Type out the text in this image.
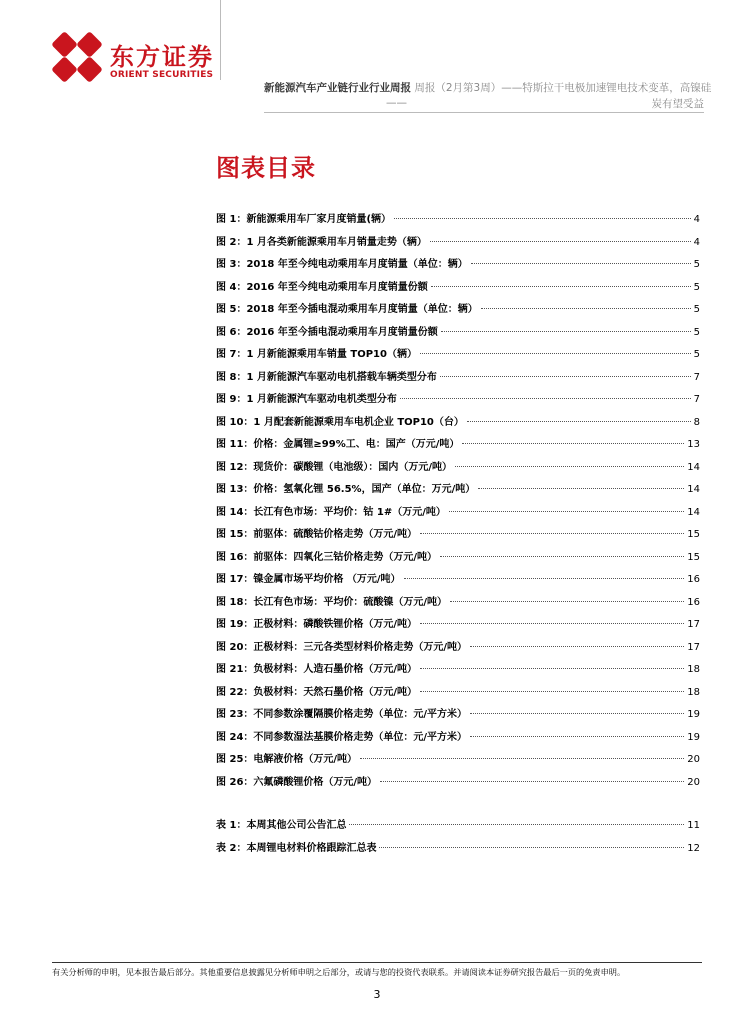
东方证券
ORIENT SECURITIES
新能源汽车产业链行业行业周报 周报（2月第3周）——特斯拉干电极加速锂电技术变革，高镍硅
——	炭有望受益
图表目录
图 1： 新能源乘用车厂家月度销量(辆）	4
图 2： 1 月各类新能源乘用车月销量走势（辆）	4
图 3： 2018 年至今纯电动乘用车月度销量（单位：辆）	5
图 4： 2016 年至今纯电动乘用车月度销量份额	5
图 5： 2018 年至今插电混动乘用车月度销量（单位：辆）	5
图 6： 2016 年至今插电混动乘用车月度销量份额	5
图 7： 1 月新能源乘用车销量 TOP10（辆）	5
图 8： 1 月新能源汽车驱动电机搭载车辆类型分布	7
图 9： 1 月新能源汽车驱动电机类型分布	7
图 10： 1 月配套新能源乘用车电机企业 TOP10（台）	8
图 11： 价格：金属锂≥99%工、电：国产（万元/吨）	13
图 12： 现货价：碳酸锂（电池级）：国内（万元/吨）	14
图 13： 价格：氢氧化锂 56.5%，国产（单位：万元/吨）	14
图 14： 长江有色市场：平均价：钴 1#（万元/吨）	14
图 15： 前驱体：硫酸钴价格走势（万元/吨）	15
图 16： 前驱体：四氧化三钴价格走势（万元/吨）	15
图 17： 镍金属市场平均价格 （万元/吨）	16
图 18： 长江有色市场：平均价：硫酸镍（万元/吨）	16
图 19： 正极材料：磷酸铁锂价格（万元/吨）	17
图 20： 正极材料：三元各类型材料价格走势（万元/吨）	17
图 21： 负极材料：人造石墨价格（万元/吨）	18
图 22： 负极材料：天然石墨价格（万元/吨）	18
图 23： 不同参数涂覆隔膜价格走势（单位：元/平方米）	19
图 24： 不同参数湿法基膜价格走势（单位：元/平方米）	19
图 25： 电解液价格（万元/吨）	20
图 26： 六氟磷酸锂价格（万元/吨）	20
表 1： 本周其他公司公告汇总	11
表 2： 本周锂电材料价格跟踪汇总表	12
有关分析师的申明，见本报告最后部分。其他重要信息披露见分析师申明之后部分，或请与您的投资代表联系。并请阅读本证券研究报告最后一页的免责申明。
3
